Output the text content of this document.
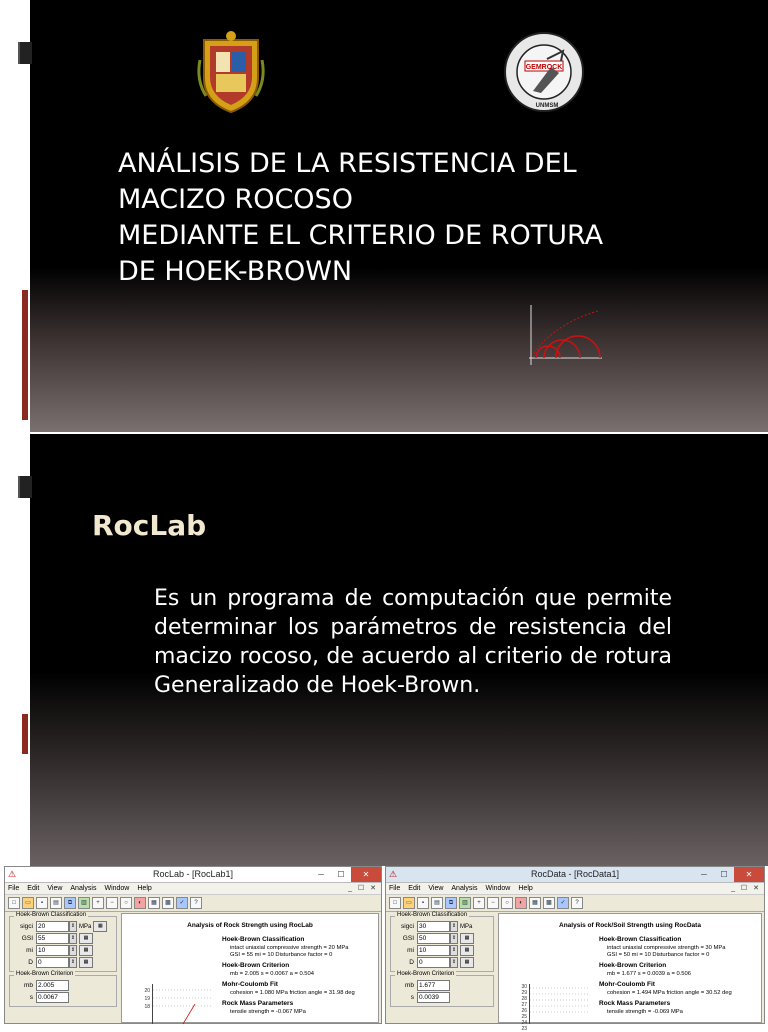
GEMROCK
UNMSM
ANÁLISIS DE LA RESISTENCIA DEL
MACIZO ROCOSO
MEDIANTE EL CRITERIO DE ROTURA
DE HOEK-BROWN
RocLab
Es un programa de computación que permite determinar los parámetros de resistencia del macizo rocoso, de acuerdo al criterio de rotura Generalizado de Hoek-Brown.
⚠	RocLab - [RocLab1]	─	☐	✕
File Edit View Analysis Window Help	_ ☐ ✕
□	▭	▪	▤	⧉	▥	+	−	○	◐	▦	▩	✓	?
Hoek-Brown Classification
sigci 20	⇕ MPa	▦
GSI 55	⇕	▦
mi 10	⇕	▦
D 0	⇕	▦
Hoek-Brown Criterion
mb 2.005
s 0.0067
Analysis of Rock Strength using RocLab
Hoek-Brown Classification
intact uniaxial compressive strength = 20 MPa
GSI = 55 mi = 10 Disturbance factor = 0
Hoek-Brown Criterion
mb = 2.005 s = 0.0067 a = 0.504
Mohr-Coulomb Fit
cohesion = 1.080 MPa friction angle = 31.98 deg
Rock Mass Parameters
tensile strength = -0.067 MPa
20
19
18
⚠	RocData - [RocData1]	─	☐	✕
File Edit View Analysis Window Help	_ ☐ ✕
□	▭	▪	▤	⧉	▥	+	−	○	◐	▦	▩	✓	?
Hoek-Brown Classification
sigci 30	⇕ MPa
GSI 50	⇕	▦
mi 10	⇕	▦
D 0	⇕	▦
Hoek-Brown Criterion
mb 1.677
s 0.0039
Analysis of Rock/Soil Strength using RocData
Hoek-Brown Classification
intact uniaxial compressive strength = 30 MPa
GSI = 50 mi = 10 Disturbance factor = 0
Hoek-Brown Criterion
mb = 1.677 s = 0.0039 a = 0.506
Mohr-Coulomb Fit
cohesion = 1.494 MPa friction angle = 30.52 deg
Rock Mass Parameters
tensile strength = -0.069 MPa
30
29
28
27
26
25
24
23
